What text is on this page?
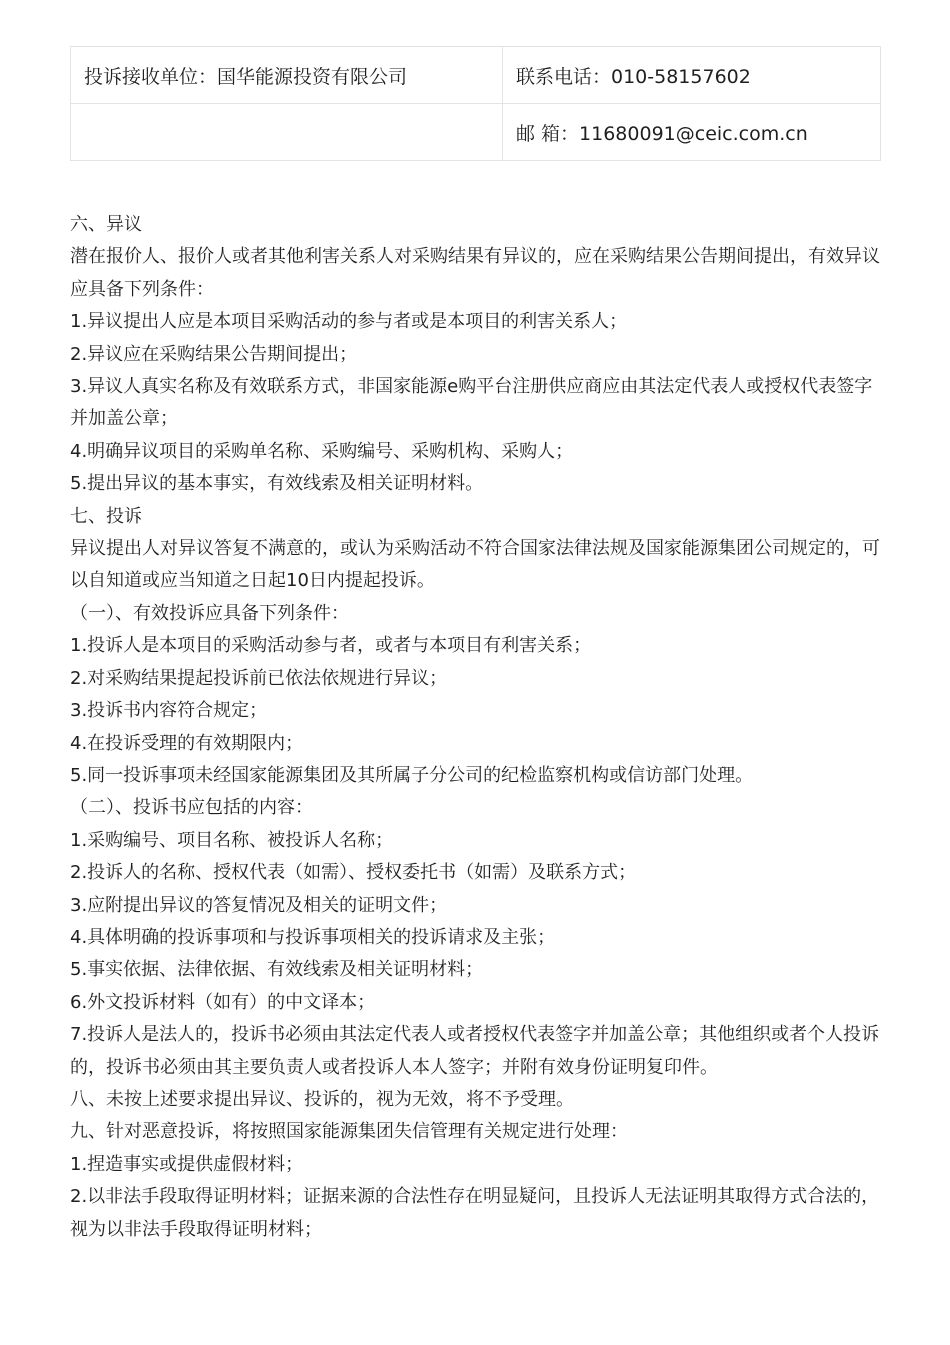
投诉接收单位：国华能源投资有限公司	联系电话：010-58157602
	邮 箱：11680091@ceic.com.cn

六、异议

潜在报价人、报价人或者其他利害关系人对采购结果有异议的，应在采购结果公告期间提出，有效异议应具备下列条件：

1.异议提出人应是本项目采购活动的参与者或是本项目的利害关系人；

2.异议应在采购结果公告期间提出；

3.异议人真实名称及有效联系方式，非国家能源e购平台注册供应商应由其法定代表人或授权代表签字并加盖公章；

4.明确异议项目的采购单名称、采购编号、采购机构、采购人；

5.提出异议的基本事实，有效线索及相关证明材料。

七、投诉

异议提出人对异议答复不满意的，或认为采购活动不符合国家法律法规及国家能源集团公司规定的，可以自知道或应当知道之日起10日内提起投诉。

（一）、有效投诉应具备下列条件：

1.投诉人是本项目的采购活动参与者，或者与本项目有利害关系；

2.对采购结果提起投诉前已依法依规进行异议；

3.投诉书内容符合规定；

4.在投诉受理的有效期限内；

5.同一投诉事项未经国家能源集团及其所属子分公司的纪检监察机构或信访部门处理。

（二）、投诉书应包括的内容：

1.采购编号、项目名称、被投诉人名称；

2.投诉人的名称、授权代表（如需）、授权委托书（如需）及联系方式；

3.应附提出异议的答复情况及相关的证明文件；

4.具体明确的投诉事项和与投诉事项相关的投诉请求及主张；

5.事实依据、法律依据、有效线索及相关证明材料；

6.外文投诉材料（如有）的中文译本；

7.投诉人是法人的，投诉书必须由其法定代表人或者授权代表签字并加盖公章；其他组织或者个人投诉的，投诉书必须由其主要负责人或者投诉人本人签字；并附有效身份证明复印件。

八、未按上述要求提出异议、投诉的，视为无效，将不予受理。

九、针对恶意投诉，将按照国家能源集团失信管理有关规定进行处理：

1.捏造事实或提供虚假材料；

2.以非法手段取得证明材料；证据来源的合法性存在明显疑问，且投诉人无法证明其取得方式合法的，视为以非法手段取得证明材料；
